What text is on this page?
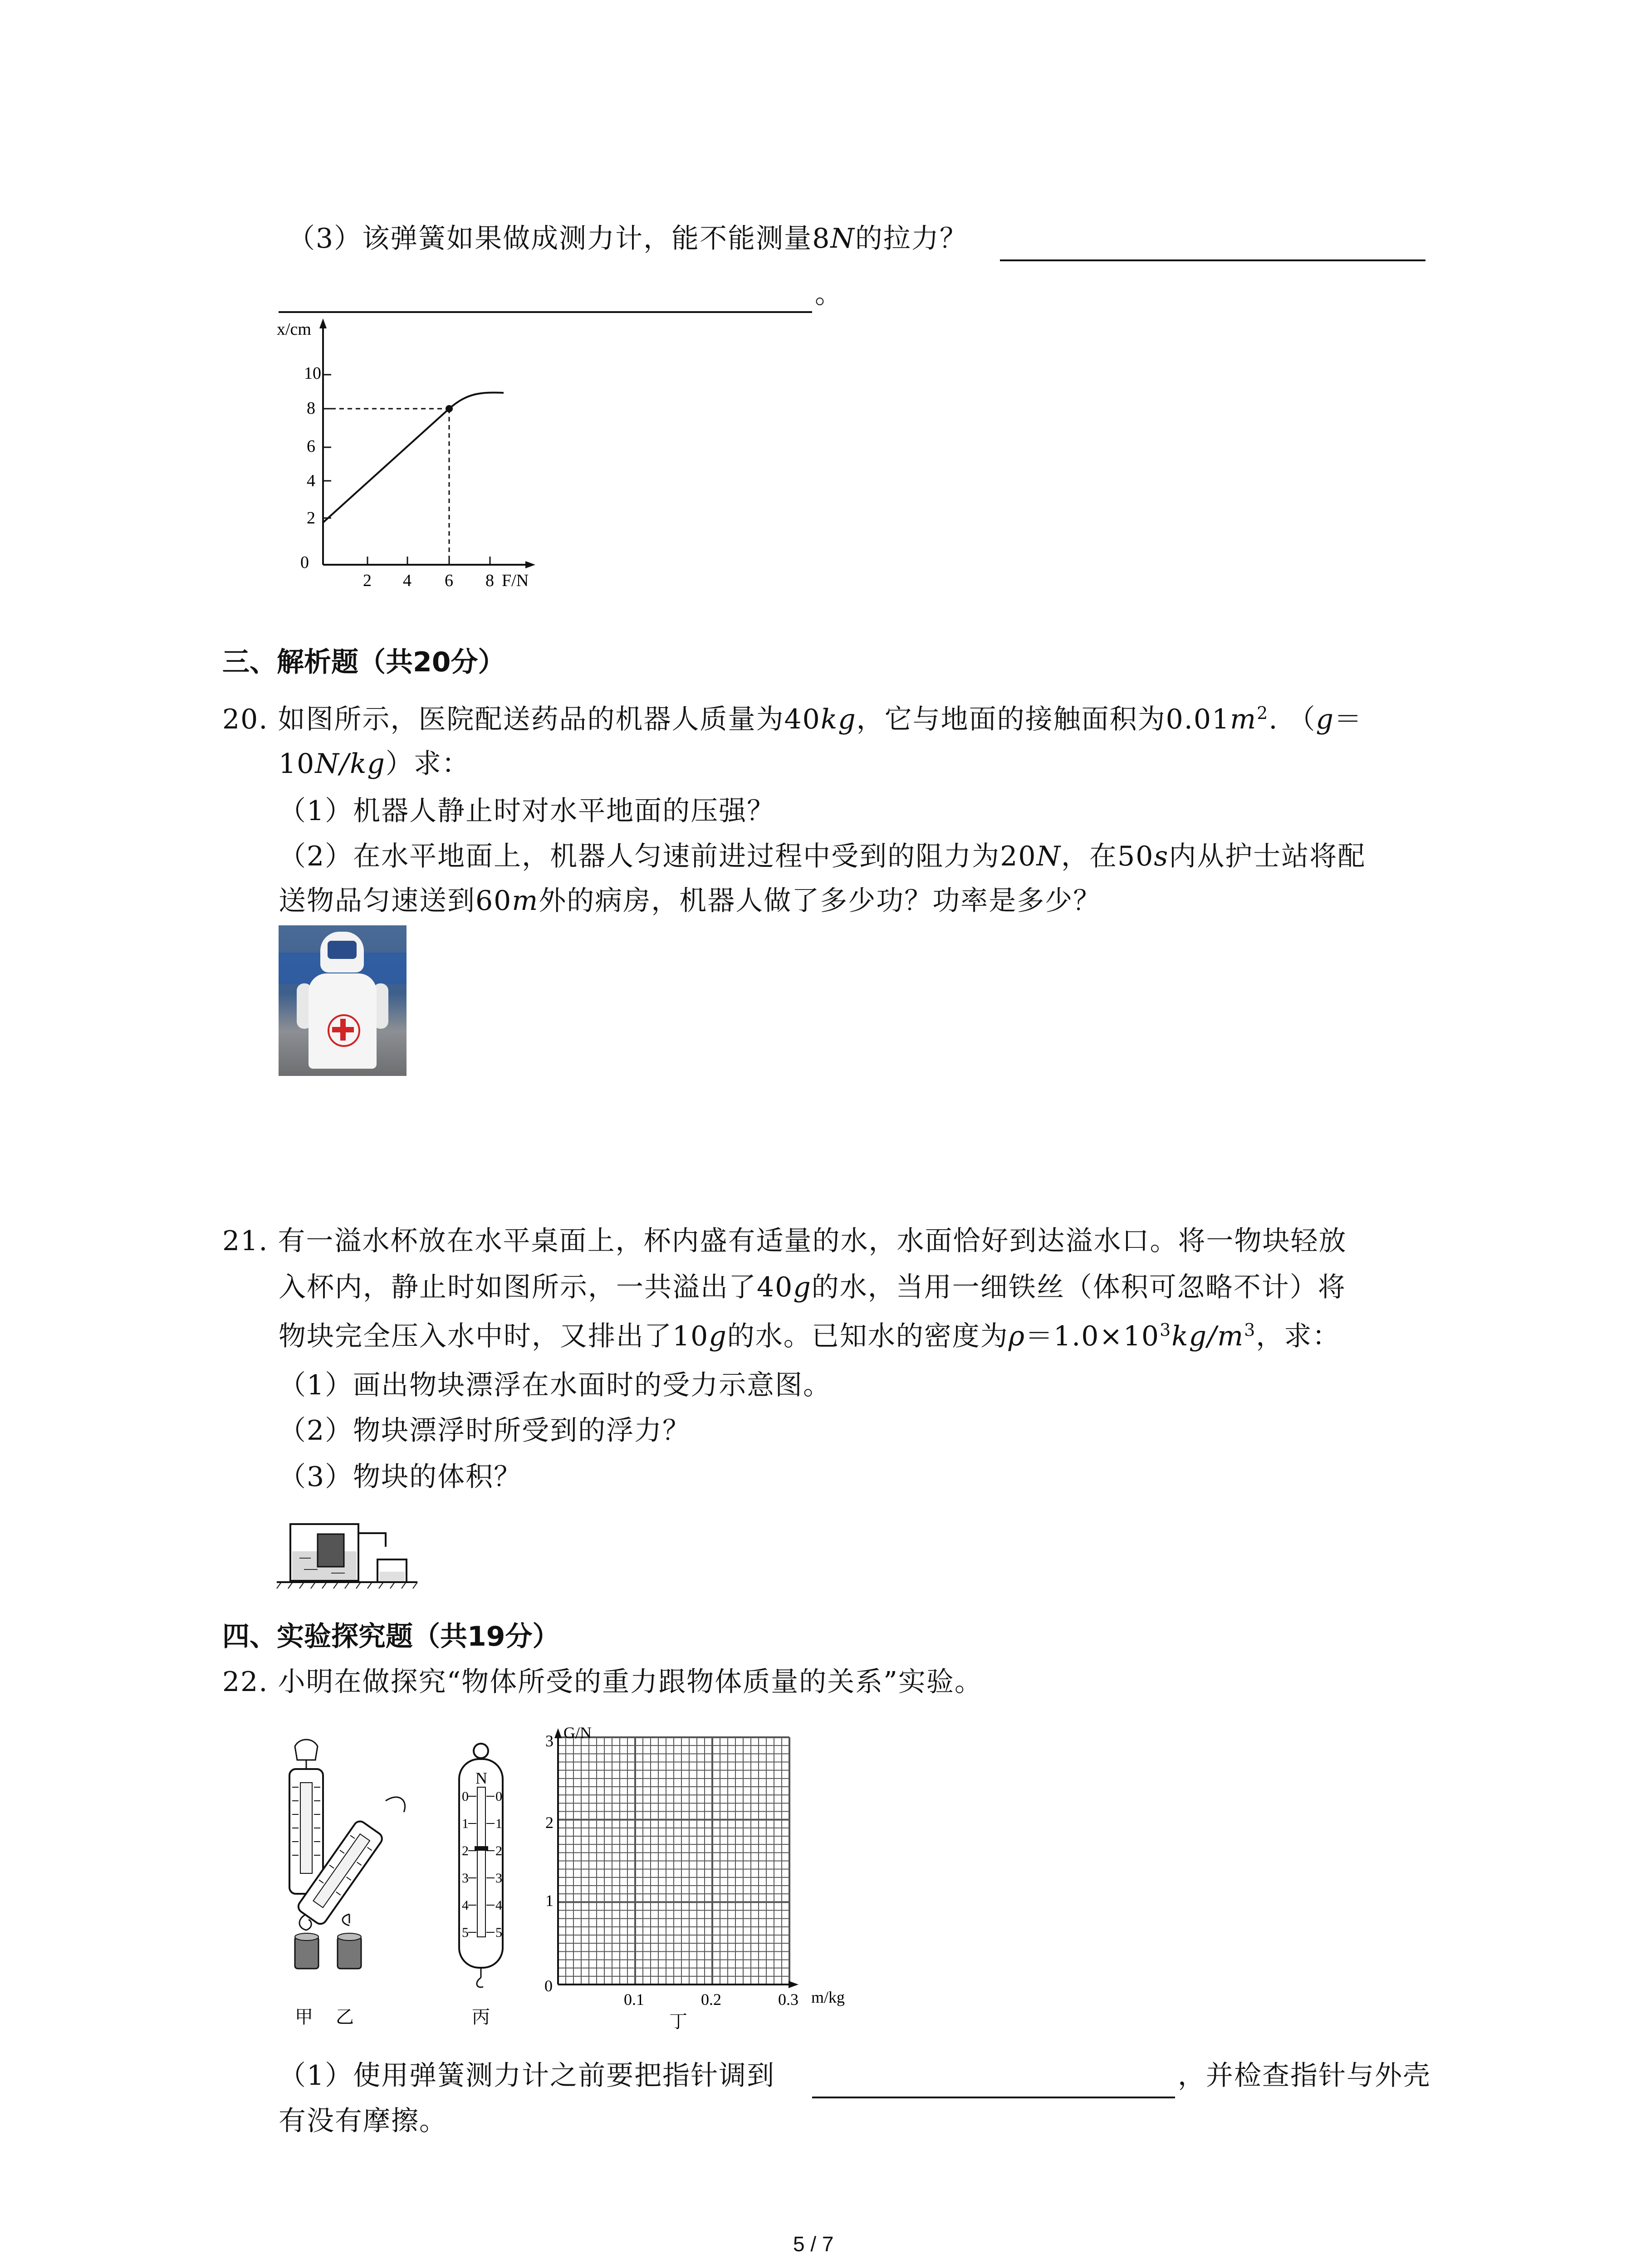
（3）该弹簧如果做成测力计，能不能测量8N的拉力？
。
x/cm
10
8
6
4
2
0
2 4 6 8 F/N
三、解析题（共20分）
20. 如图所示，医院配送药品的机器人质量为40kg，它与地面的接触面积为$0.01m^2$. （g＝
10N/kg）求：
（1）机器人静止时对水平地面的压强？
（2）在水平地面上，机器人匀速前进过程中受到的阻力为20N，在50s内从护士站将配
送物品匀速送到60m外的病房，机器人做了多少功？功率是多少？
21. 有一溢水杯放在水平桌面上，杯内盛有适量的水，水面恰好到达溢水口。将一物块轻放
入杯内，静止时如图所示，一共溢出了40g的水，当用一细铁丝（体积可忽略不计）将
物块完全压入水中时，又排出了10g的水。已知水的密度为$\rho=1.0\times 10^3kg/m^3$，求：
（1）画出物块漂浮在水面时的受力示意图。
（2）物块漂浮时所受到的浮力？
（3）物块的体积？
四、实验探究题（共19分）
22. 小明在做探究“物体所受的重力跟物体质量的关系”实验。
N
0
1
2
3
4
5
0
1
2
3
4
5
甲 乙	丙
G/N
3
2
1
0
0.1	0.2	0.3 m/kg
丁
（1）使用弹簧测力计之前要把指针调到	，并检查指针与外壳
有没有摩擦。
5 / 7
